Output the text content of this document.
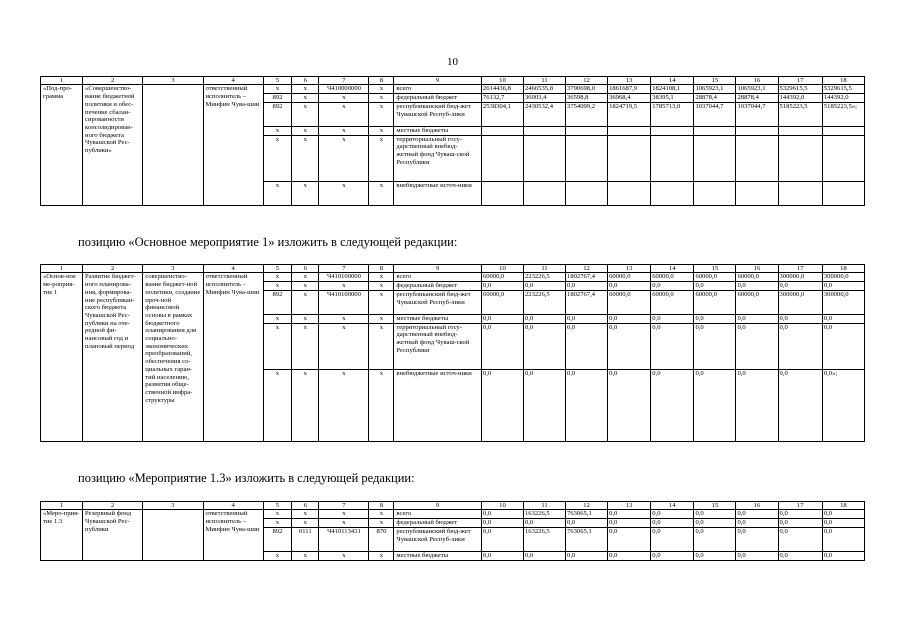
10
1	2	3	4	5	6	7	8	9	10	11	12	13	14	15	16	17	18
«Под-про-грамма	«Совершенство-вание бюджетной политики и обес-печение сбалан-сированности консолидирован-ного бюджета Чувашской Рес-публики»		ответственный исполнитель – Минфин Чува-шии	x	x	Ч410000000	x	всего	2614436,8	2466535,8	3790698,0	1861687,9	1824108,1	1065923,1	1065923,1	5329615,5	5329615,5
				892	x	x	x	федеральный бюджет	76132,7	36003,4	36598,8	36968,4	38395,1	28878,4	28878,4	144392,0	144392,0
				892	x	x	x	республиканский бюд-жет Чувашской Респуб-лики	2538304,1	2430532,4	3754099,2	1824719,5	1785713,0	1037044,7	1037044,7	5185223,5	5185223,5»;
				x	x	x	x	местные бюджеты									
				x	x	x	x	территориальный госу-дарственный внебюд-жетный фонд Чуваш-ской Республики									
				x	x	x	x	внебюджетные источ-ники									
позицию «Основное мероприятие 1» изложить в следующей редакции:
1	2	3	4	5	6	7	8	9	10	11	12	13	14	15	16	17	18
«Основ-ное ме-роприя-тие 1	Развитие бюджет-ного планирова-ния, формирова-ние республикан-ского бюджета Чувашской Рес-публики на оче-редной фи-нансовый год и плановый период	совершенство-вание бюджет-ной политики, создание проч-ной финансовой основы в рамках бюджетного планирования для социально-экономических преобразований, обеспечения со-циальных гаран-тий населению, развития обще-ственной инфра-структуры	ответственный исполнитель – Минфин Чува-шии	x	x	Ч410100000	x	всего	60000,0	223226,5	1802767,4	60000,0	60000,0	60000,0	60000,0	300000,0	300000,0
				x	x	x	x	федеральный бюджет	0,0	0,0	0,0	0,0	0,0	0,0	0,0	0,0	0,0
				892	x	Ч410100000	x	республиканский бюд-жет Чувашской Респуб-лики	60000,0	223226,5	1802767,4	60000,0	60000,0	60000,0	60000,0	300000,0	300000,0
				x	x	x	x	местные бюджеты	0,0	0,0	0,0	0,0	0,0	0,0	0,0	0,0	0,0
				x	x	x	x	территориальный госу-дарственный внебюд-жетный фонд Чуваш-ской Республики	0,0	0,0	0,0	0,0	0,0	0,0	0,0	0,0	0,0
				x	x	x	x	внебюджетные источ-ники	0,0	0,0	0,0	0,0	0,0	0,0	0,0	0,0	0,0»;
позицию «Мероприятие 1.3» изложить в следующей редакции:
1	2	3	4	5	6	7	8	9	10	11	12	13	14	15	16	17	18
«Меро-прия-тие 1.3	Резервный фонд Чувашской Рес-публики		ответственный исполнитель – Минфин Чува-шии	x	x	x	x	всего	0,0	163226,5	763065,1	0,0	0,0	0,0	0,0	0,0	0,0
				x	x	x	x	федеральный бюджет	0,0	0,0	0,0	0,0	0,0	0,0	0,0	0,0	0,0
				892	0111	Ч410113431	870	республиканский бюд-жет Чувашской Респуб-лики	0,0	163226,5	763065,1	0,0	0,0	0,0	0,0	0,0	0,0
				x	x	x	x	местные бюджеты	0,0	0,0	0,0	0,0	0,0	0,0	0,0	0,0	0,0
